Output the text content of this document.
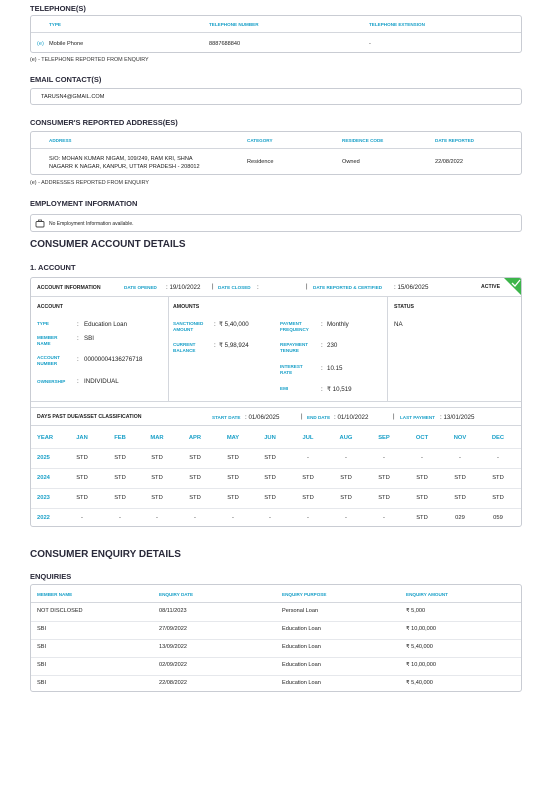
TELEPHONE(S)
TYPE	TELEPHONE NUMBER	TELEPHONE EXTENSION
(e) Mobile Phone	8887688840	-
(e) - TELEPHONE REPORTED FROM ENQUIRY
EMAIL CONTACT(S)
TARUSN4@GMAIL.COM
CONSUMER'S REPORTED ADDRESS(ES)
ADDRESS	CATEGORY	RESIDENCE CODE	DATE REPORTED
S/O: MOHAN KUMAR NIGAM, 109/249, RAM KRI, SHNA
NAGARR K NAGAR, KANPUR, UTTAR PRADESH - 208012
Residence	Owned	22/08/2022
(e) - ADDRESSES REPORTED FROM ENQUIRY
EMPLOYMENT INFORMATION
No Employment Information available.
CONSUMER ACCOUNT DETAILS
1. ACCOUNT
ACCOUNT INFORMATION	DATE OPENED : 19/10/2022 | DATE CLOSED :	| DATE REPORTED & CERTIFIED : 15/06/2025	ACTIVE
ACCOUNT	AMOUNTS	STATUS
TYPE	: Education Loan
MEMBER NAME
: SBI
ACCOUNT NUMBER
: 00000004136276718
OWNERSHIP : INDIVIDUAL
SANCTIONED AMOUNT
: ₹ 5,40,000
CURRENT BALANCE
: ₹ 5,98,924
PAYMENT FREQUENCY
: Monthly
REPAYMENT TENURE
: 230
INTEREST RATE
: 10.15
EMI	: ₹ 10,519
NA
DAYS PAST DUE/ASSET CLASSIFICATION	START DATE : 01/06/2025	| END DATE : 01/10/2022	| LAST PAYMENT : 13/01/2025
YEAR	JAN	FEB	MAR	APR	MAY	JUN	JUL	AUG	SEP	OCT	NOV	DEC
2025	STD	STD	STD	STD	STD	STD	-	-	-	-	-	-
2024	STD	STD	STD	STD	STD	STD	STD	STD	STD	STD	STD	STD
2023	STD	STD	STD	STD	STD	STD	STD	STD	STD	STD	STD	STD
2022	-	-	-	-	-	-	-	-	-	STD	029	059
CONSUMER ENQUIRY DETAILS
ENQUIRIES
MEMBER NAME	ENQUIRY DATE	ENQUIRY PURPOSE	ENQUIRY AMOUNT
NOT DISCLOSED	08/11/2023	Personal Loan	₹ 5,000
SBI	27/09/2022	Education Loan	₹ 10,00,000
SBI	13/09/2022	Education Loan	₹ 5,40,000
SBI	02/09/2022	Education Loan	₹ 10,00,000
SBI	22/08/2022	Education Loan	₹ 5,40,000
